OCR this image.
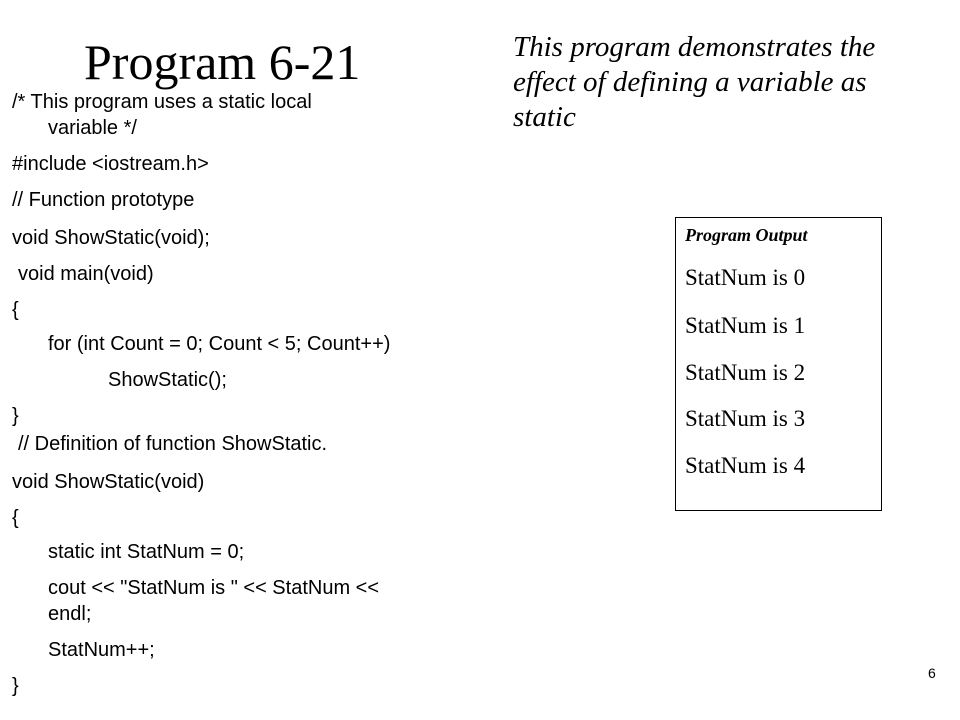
Program 6-21	This program demonstrates the effect of defining a variable as static

/* This program uses a static local
variable */
#include <iostream.h>
// Function prototype
void ShowStatic(void);
void main(void)
{
for (int Count = 0; Count < 5; Count++)
ShowStatic();
}
// Definition of function ShowStatic.
void ShowStatic(void)
{
static int StatNum = 0;
cout << "StatNum is " << StatNum <<
endl;
StatNum++;
}
Program Output
StatNum is 0
StatNum is 1
StatNum is 2
StatNum is 3
StatNum is 4
6
